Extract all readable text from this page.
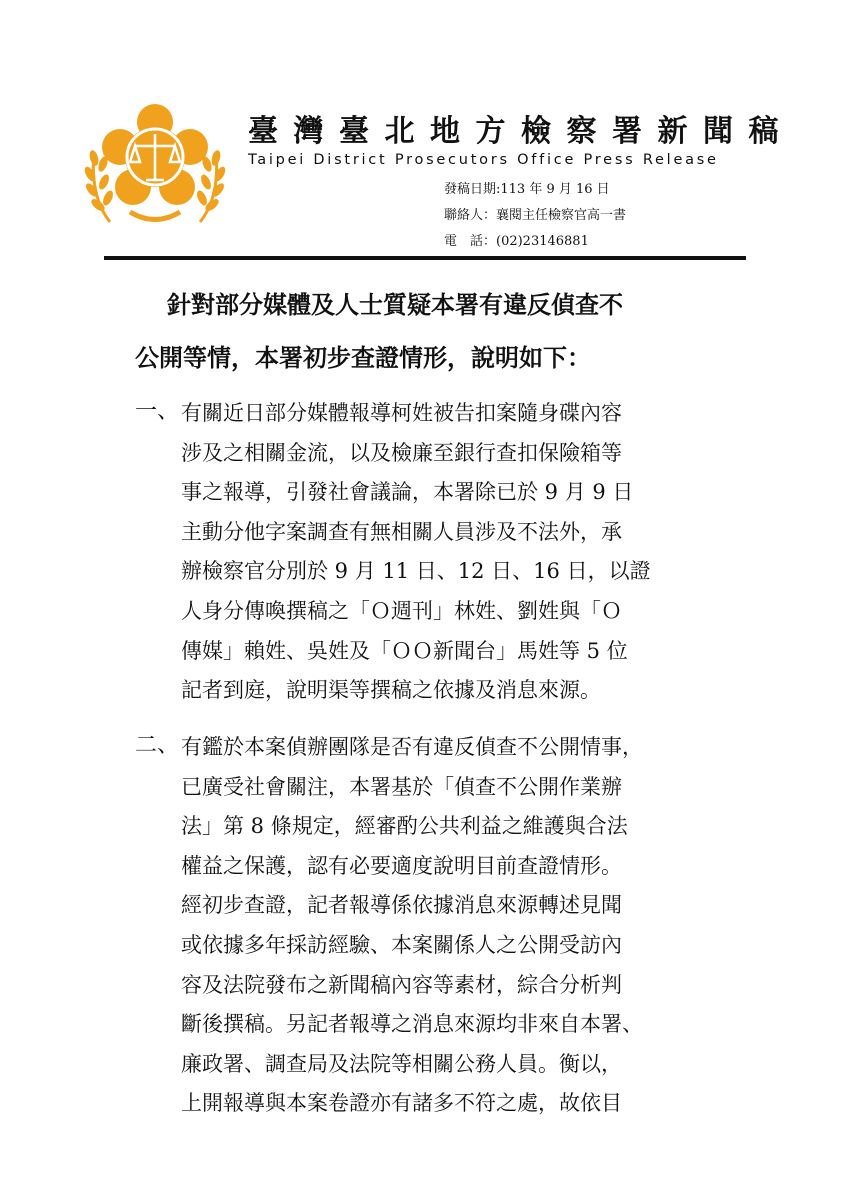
臺灣臺北地方檢察署新聞稿
Taipei District Prosecutors Office Press Release
發稿日期:113 年 9 月 16 日
聯絡人：襄閱主任檢察官高一書
電　話：(02)23146881
針對部分媒體及人士質疑本署有違反偵查不
公開等情，本署初步查證情形，說明如下：
一、 有關近日部分媒體報導柯姓被告扣案隨身碟內容
涉及之相關金流，以及檢廉至銀行查扣保險箱等
事之報導，引發社會議論，本署除已於 9 月 9 日
主動分他字案調查有無相關人員涉及不法外，承
辦檢察官分別於 9 月 11 日、12 日、16 日，以證
人身分傳喚撰稿之「Ｏ週刊」林姓、劉姓與「Ｏ
傳媒」賴姓、吳姓及「ＯＯ新聞台」馬姓等 5 位
記者到庭，說明渠等撰稿之依據及消息來源。
二、 有鑑於本案偵辦團隊是否有違反偵查不公開情事，
已廣受社會關注，本署基於「偵查不公開作業辦
法」第 8 條規定，經審酌公共利益之維護與合法
權益之保護，認有必要適度說明目前查證情形。
經初步查證，記者報導係依據消息來源轉述見聞
或依據多年採訪經驗、本案關係人之公開受訪內
容及法院發布之新聞稿內容等素材，綜合分析判
斷後撰稿。另記者報導之消息來源均非來自本署、
廉政署、調查局及法院等相關公務人員。衡以，
上開報導與本案卷證亦有諸多不符之處，故依目
